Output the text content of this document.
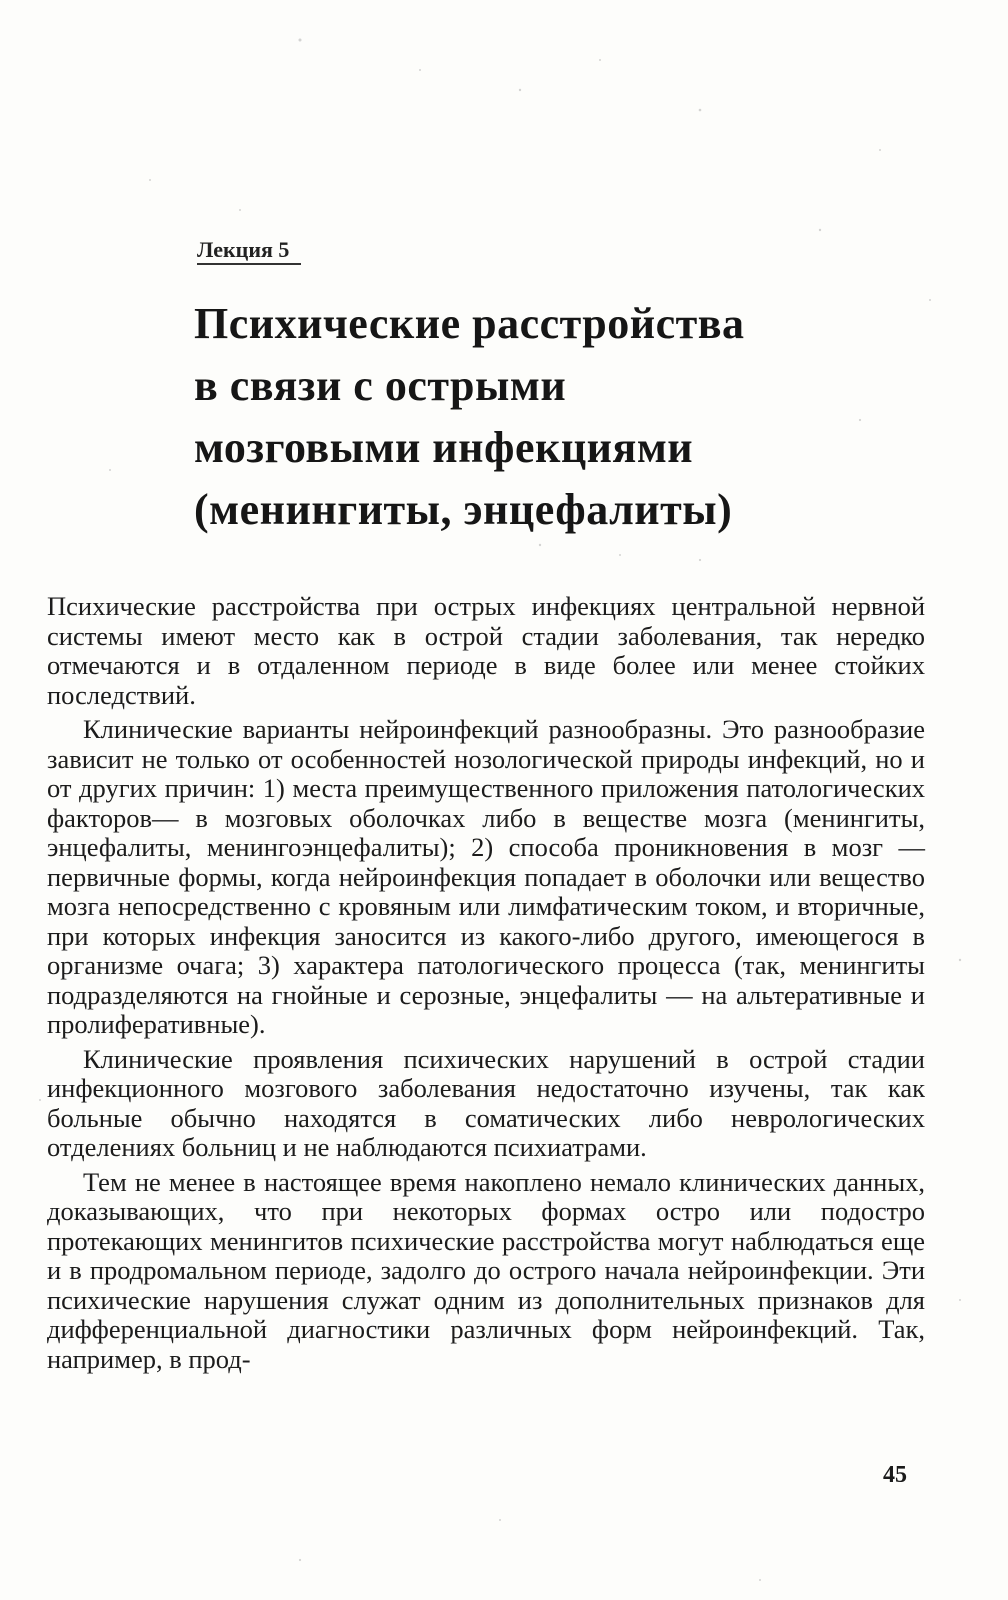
Лекция 5
Психические расстройства
в связи с острыми
мозговыми инфекциями
(менингиты, энцефалиты)

Психические расстройства при острых инфекциях центральной нервной системы имеют место как в острой стадии заболевания, так нередко отмечаются и в отдаленном периоде в виде более или менее стойких последствий.

Клинические варианты нейроинфекций разнообразны. Это разнообразие зависит не только от особенностей нозологической природы инфекций, но и от других причин: 1) места преимущественного приложения патологических факторов— в мозговых оболочках либо в веществе мозга (менингиты, энцефалиты, менингоэнцефалиты); 2) способа проникновения в мозг — первичные формы, когда нейроинфекция попадает в оболочки или вещество мозга непосредственно с кровяным или лимфатическим током, и вторичные, при которых инфекция заносится из какого-либо другого, имеющегося в организме очага; 3) характера патологического процесса (так, менингиты подразделяются на гнойные и серозные, энцефалиты — на альтеративные и пролиферативные).

Клинические проявления психических нарушений в острой стадии инфекционного мозгового заболевания недостаточно изучены, так как больные обычно находятся в соматических либо неврологических отделениях больниц и не наблюдаются психиатрами.

Тем не менее в настоящее время накоплено немало клинических данных, доказывающих, что при некоторых формах остро или подостро протекающих менингитов психические расстройства могут наблюдаться еще и в продромальном периоде, задолго до острого начала нейроинфекции. Эти психические нарушения служат одним из дополнительных признаков для дифференциальной диагностики различных форм нейроинфекций. Так, например, в прод-

45
